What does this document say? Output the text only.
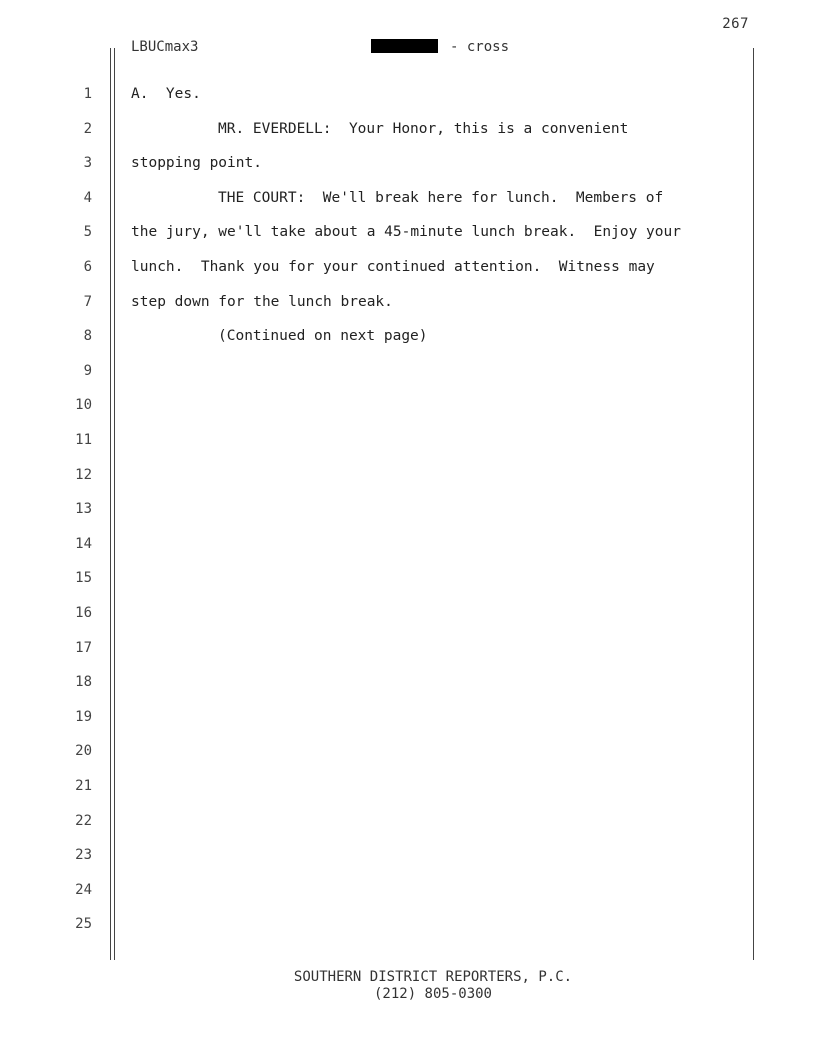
267
LBUCmax3	- cross
1	A.  Yes.
2	MR. EVERDELL:  Your Honor, this is a convenient
3	stopping point.
4	THE COURT:  We'll break here for lunch.  Members of
5	the jury, we'll take about a 45-minute lunch break.  Enjoy your
6	lunch.  Thank you for your continued attention.  Witness may
7	step down for the lunch break.
8	(Continued on next page)
9
10
11
12
13
14
15
16
17
18
19
20
21
22
23
24
25
SOUTHERN DISTRICT REPORTERS, P.C.
(212) 805-0300
